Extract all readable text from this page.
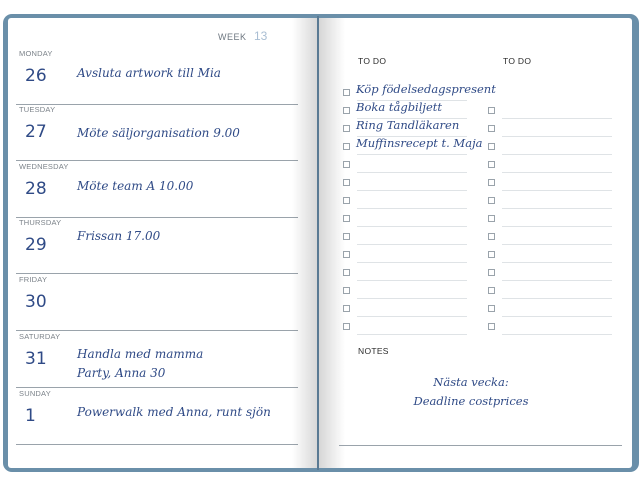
WEEK 13
MONDAY
26	Avsluta artwork till Mia
TUESDAY
27	Möte säljorganisation 9.00
WEDNESDAY
28	Möte team A 10.00
THURSDAY
29	Frissan 17.00
FRIDAY
30
SATURDAY
31	Handla med mamma
Party, Anna 30
SUNDAY
1	Powerwalk med Anna, runt sjön
TO DO	TO DO
Köp födelsedagspresent
Boka tågbiljett
Ring Tandläkaren
Muffinsrecept t. Maja
NOTES
Nästa vecka:
Deadline costprices
